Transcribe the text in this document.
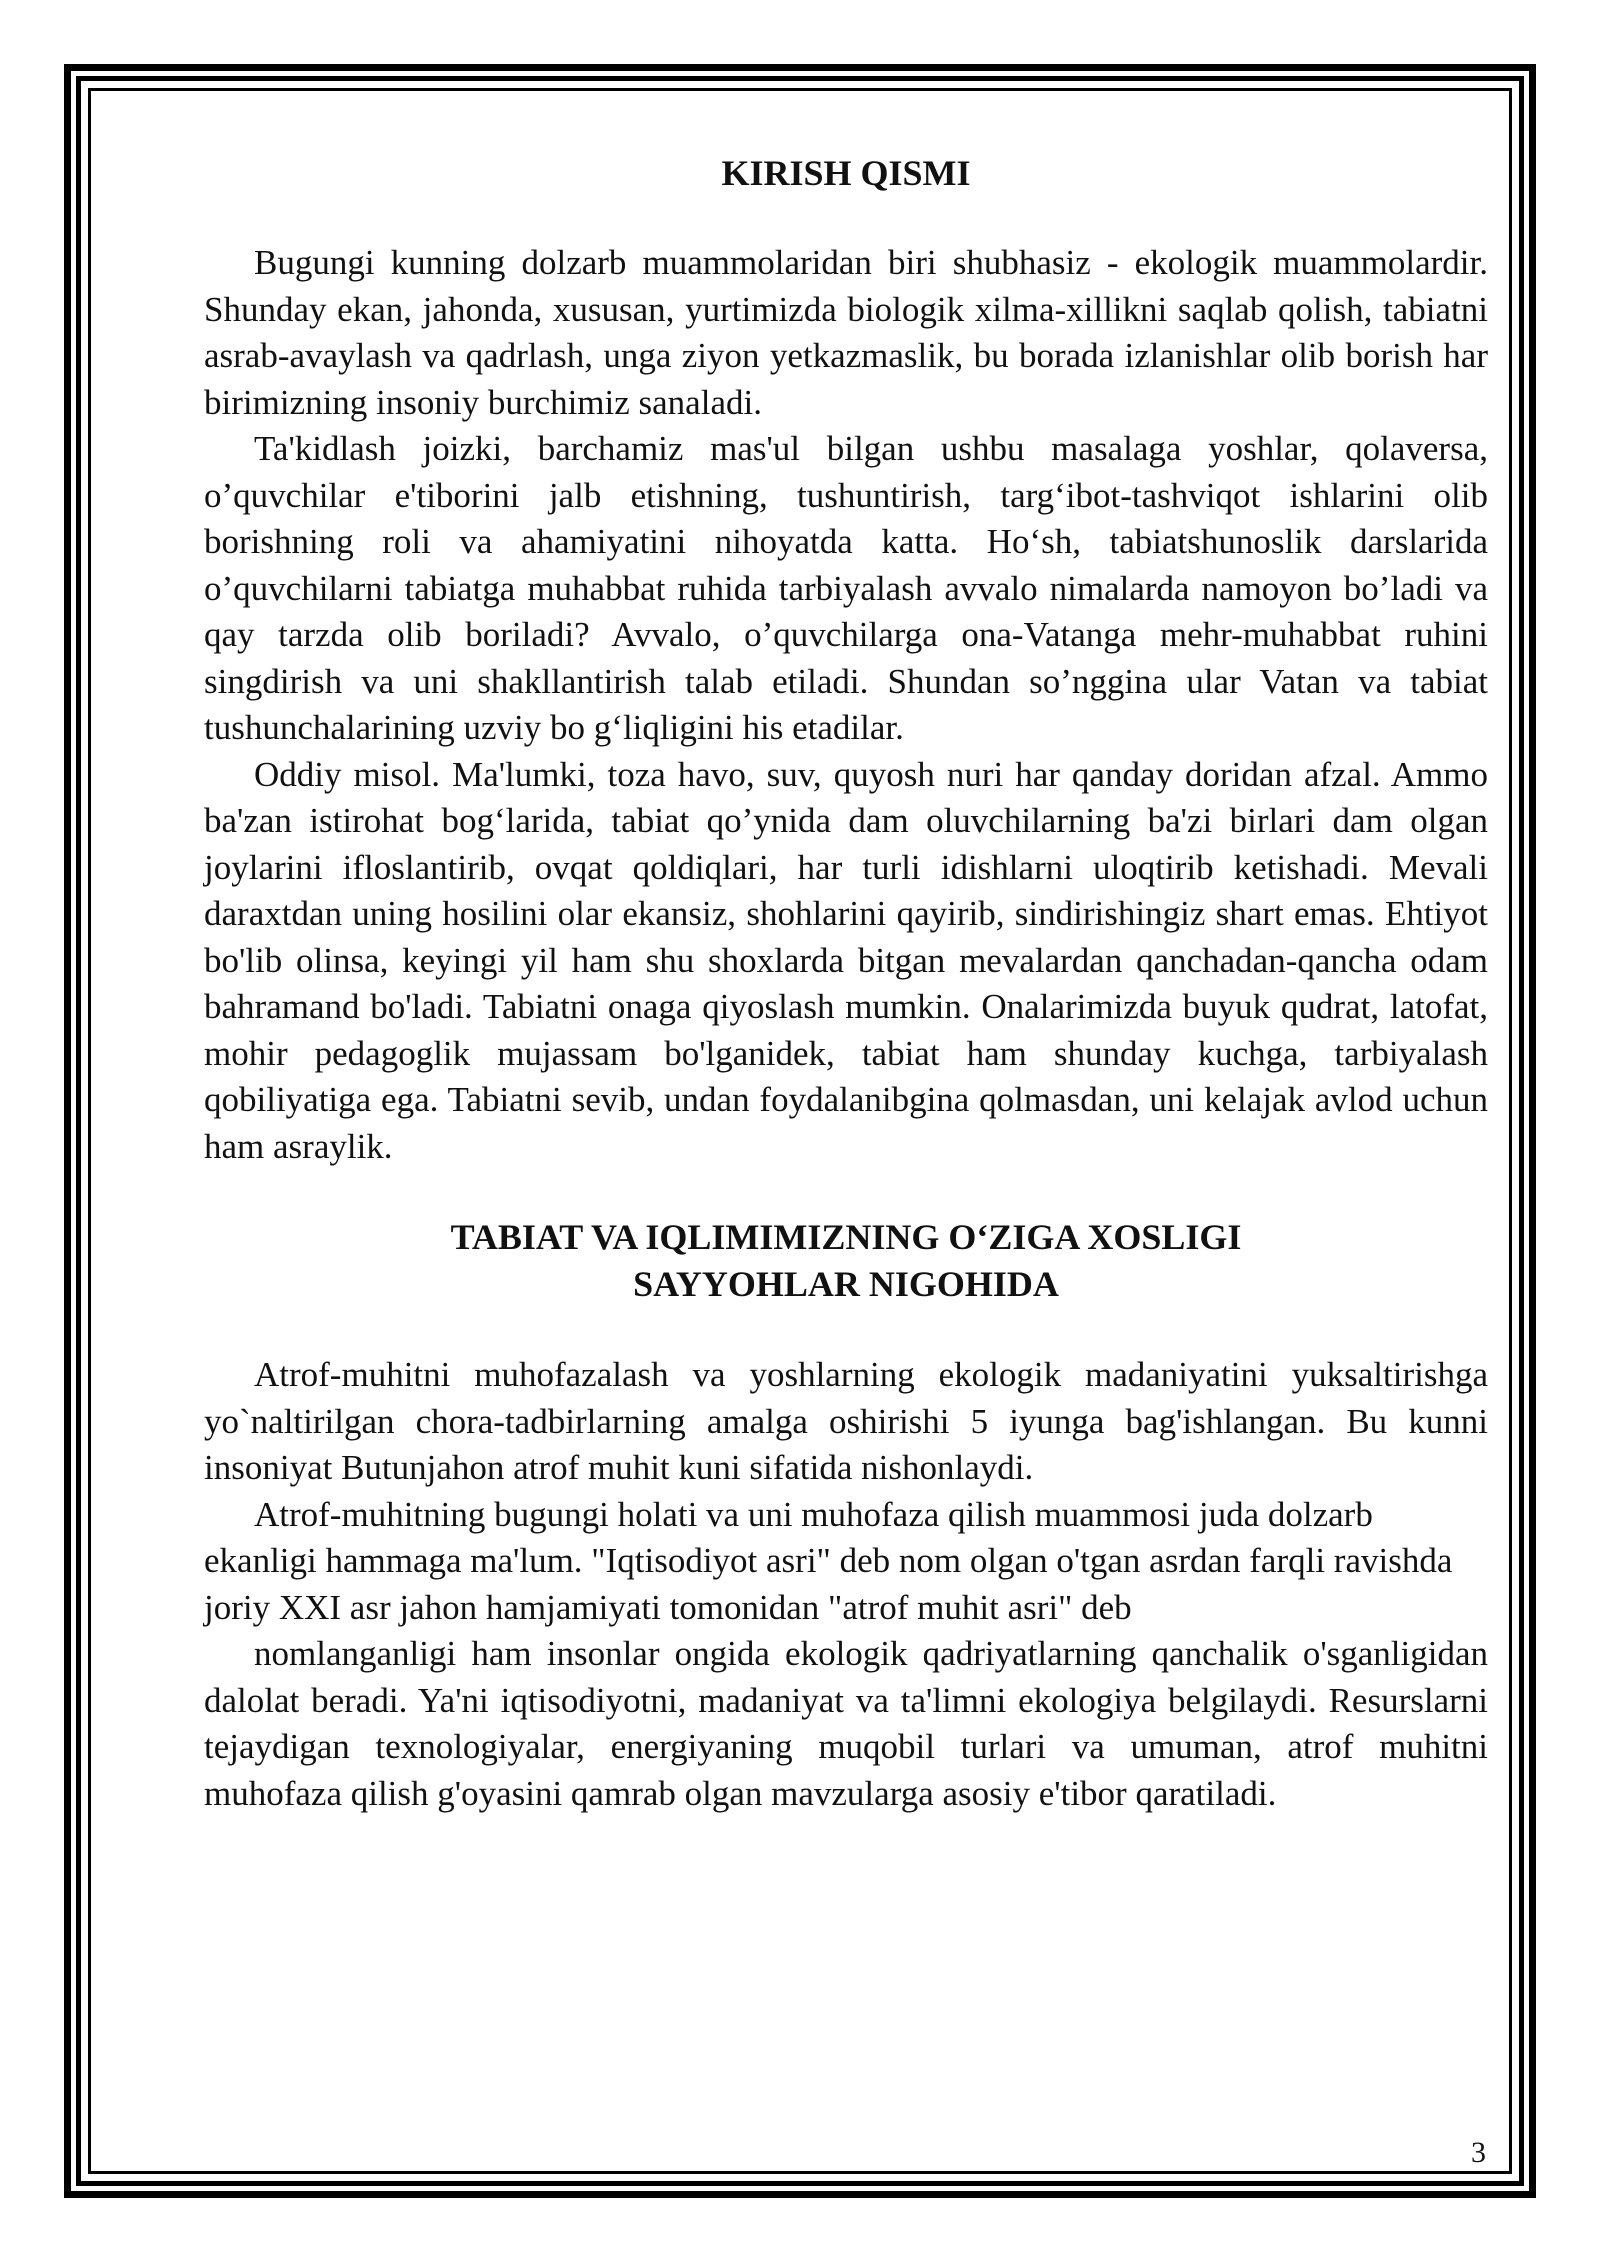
KIRISH QISMI

Bugungi kunning dolzarb muammolaridan biri shubhasiz - ekologik muammolardir. Shunday ekan, jahonda, xususan, yurtimizda biologik xilma-xillikni saqlab qolish, tabiatni asrab-avaylash va qadrlash, unga ziyon yetkazmaslik, bu borada izlanishlar olib borish har birimizning insoniy burchimiz sanaladi.

Ta'kidlash joizki, barchamiz mas'ul bilgan ushbu masalaga yoshlar, qolaversa, o’quvchilar e'tiborini jalb etishning, tushuntirish, targ‘ibot-tashviqot ishlarini olib borishning roli va ahamiyatini nihoyatda katta. Ho‘sh, tabiatshunoslik darslarida o’quvchilarni tabiatga muhabbat ruhida tarbiyalash avvalo nimalarda namoyon bo’ladi va qay tarzda olib boriladi? Avvalo, o’quvchilarga ona-Vatanga mehr-muhabbat ruhini singdirish va uni shakllantirish talab etiladi. Shundan so’nggina ular Vatan va tabiat tushunchalarining uzviy bo g‘liqligini his etadilar.

Oddiy misol. Ma'lumki, toza havo, suv, quyosh nuri har qanday doridan afzal. Ammo ba'zan istirohat bog‘larida, tabiat qo’ynida dam oluvchilarning ba'zi birlari dam olgan joylarini ifloslantirib, ovqat qoldiqlari, har turli idishlarni uloqtirib ketishadi. Mevali daraxtdan uning hosilini olar ekansiz, shohlarini qayirib, sindirishingiz shart emas. Ehtiyot bo'lib olinsa, keyingi yil ham shu shoxlarda bitgan mevalardan qanchadan-qancha odam bahramand bo'ladi. Tabiatni onaga qiyoslash mumkin. Onalarimizda buyuk qudrat, latofat, mohir pedagoglik mujassam bo'lganidek, tabiat ham shunday kuchga, tarbiyalash qobiliyatiga ega. Tabiatni sevib, undan foydalanibgina qolmasdan, uni kelajak avlod uchun ham asraylik.

TABIAT VA IQLIMIMIZNING O‘ZIGA XOSLIGI
SAYYOHLAR NIGOHIDA

Atrof-muhitni muhofazalash va yoshlarning ekologik madaniyatini yuksaltirishga yo`naltirilgan chora-tadbirlarning amalga oshirishi 5 iyunga bag'ishlangan. Bu kunni insoniyat Butunjahon atrof muhit kuni sifatida nishonlaydi.

Atrof-muhitning bugungi holati va uni muhofaza qilish muammosi juda dolzarb ekanligi hammaga ma'lum. "Iqtisodiyot asri" deb nom olgan o'tgan asrdan farqli ravishda joriy XXI asr jahon hamjamiyati tomonidan "atrof muhit asri" deb

nomlanganligi ham insonlar ongida ekologik qadriyatlarning qanchalik o'sganligidan dalolat beradi. Ya'ni iqtisodiyotni, madaniyat va ta'limni ekologiya belgilaydi. Resurslarni tejaydigan texnologiyalar, energiyaning muqobil turlari va umuman, atrof muhitni muhofaza qilish g'oyasini qamrab olgan mavzularga asosiy e'tibor qaratiladi.

3
